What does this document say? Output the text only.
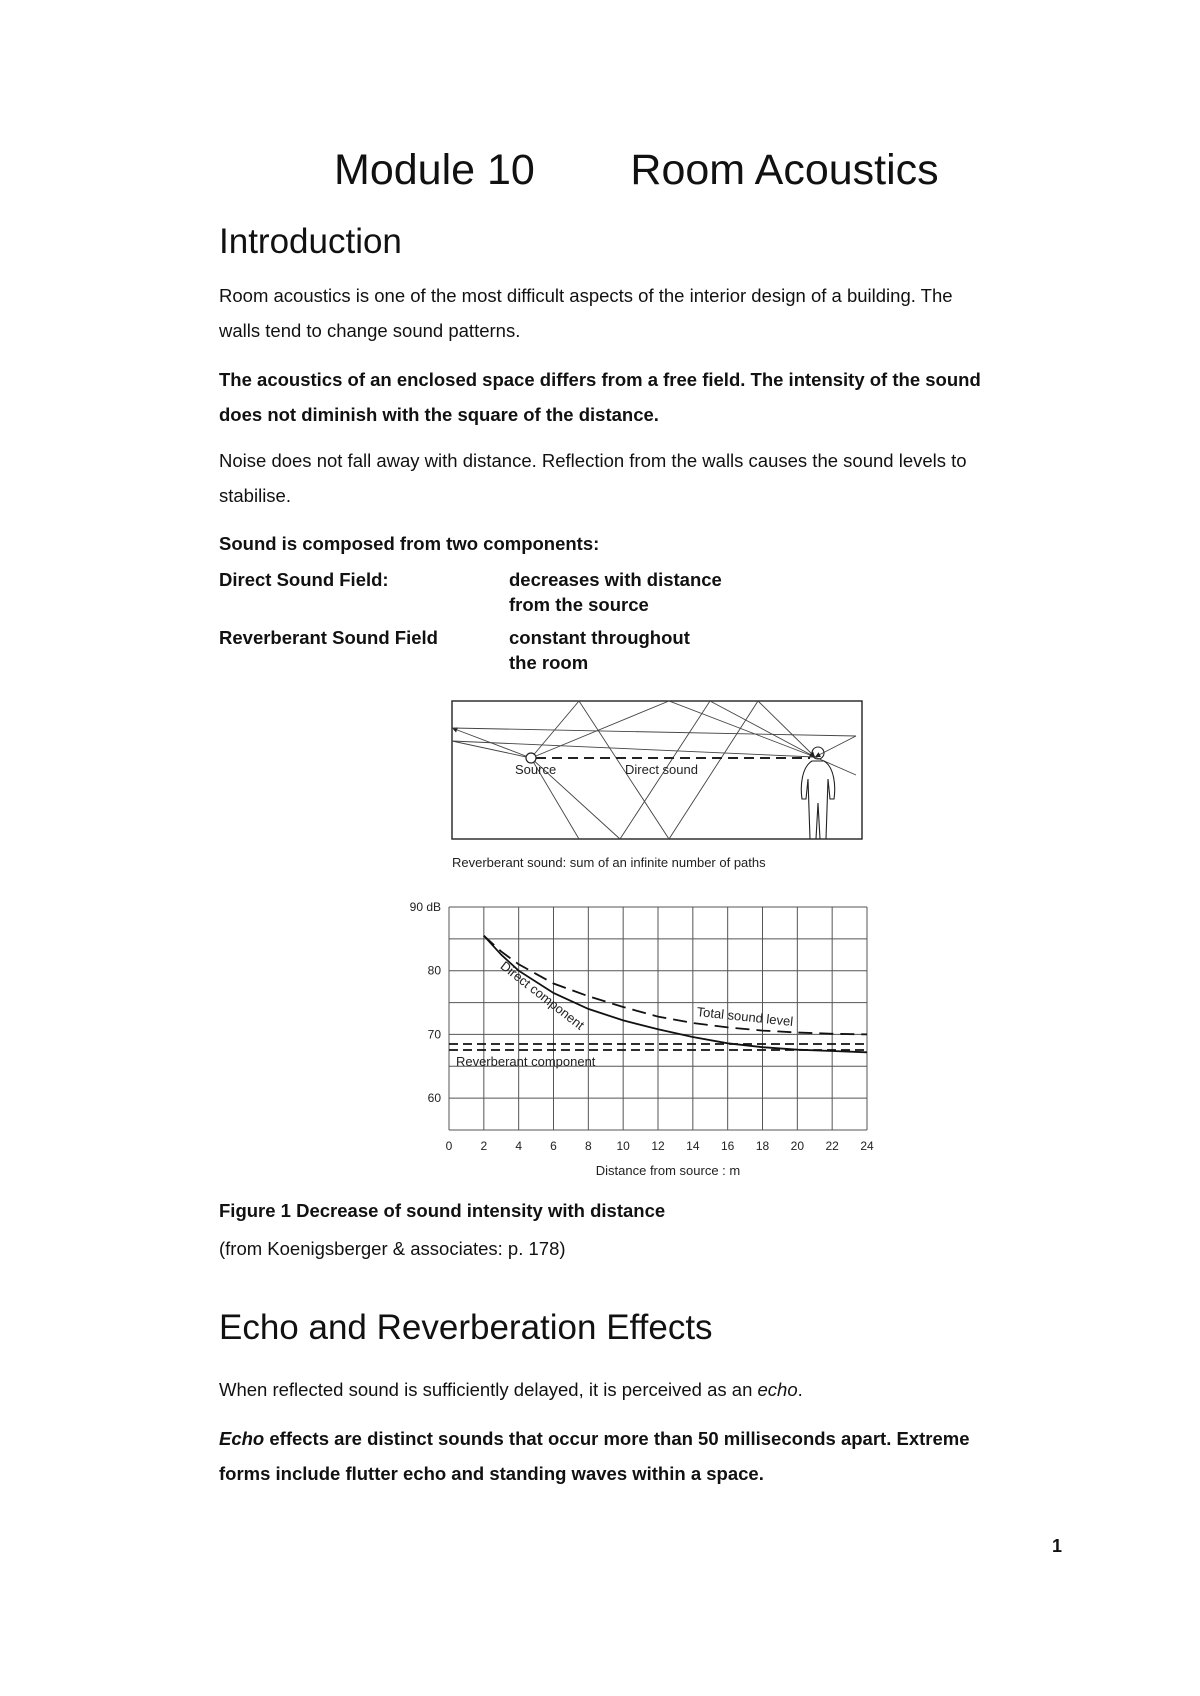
Module 10 Room Acoustics
Introduction
Room acoustics is one of the most difficult aspects of the interior design of a building. The
walls tend to change sound patterns.
The acoustics of an enclosed space differs from a free field. The intensity of the sound
does not diminish with the square of the distance.
Noise does not fall away with distance. Reflection from the walls causes the sound levels to
stabilise.
Sound is composed from two components:
Direct Sound Field:	decreases with distance
from the source
Reverberant Sound Field	constant throughout
the room
Source	Direct sound
Reverberant sound: sum of an infinite number of paths
0 2 4 6 8 10 12 14 16 18 20 22 24
90 dB
80
70
60
Distance from source : m
Direct component	Total sound level
Reverberant component
Figure 1 Decrease of sound intensity with distance
(from Koenigsberger & associates: p. 178)
Echo and Reverberation Effects
When reflected sound is sufficiently delayed, it is perceived as an echo.
Echo effects are distinct sounds that occur more than 50 milliseconds apart. Extreme
forms include flutter echo and standing waves within a space.
1
